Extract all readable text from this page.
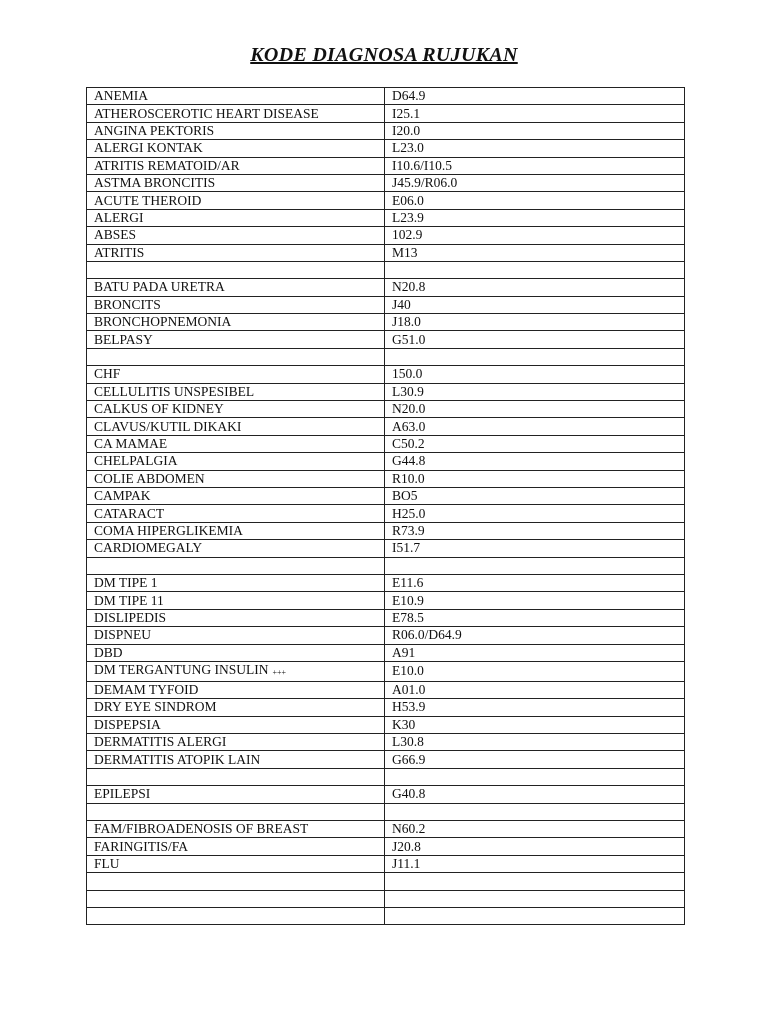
KODE DIAGNOSA RUJUKAN
ANEMIA	D64.9
ATHEROSCEROTIC HEART DISEASE	I25.1
ANGINA PEKTORIS	I20.0
ALERGI KONTAK	L23.0
ATRITIS REMATOID/AR	I10.6/I10.5
ASTMA BRONCITIS	J45.9/R06.0
ACUTE THEROID	E06.0
ALERGI	L23.9
ABSES	102.9
ATRITIS	M13

BATU PADA URETRA	N20.8
BRONCITS	J40
BRONCHOPNEMONIA	J18.0
BELPASY	G51.0

CHF	150.0
CELLULITIS UNSPESIBEL	L30.9
CALKUS OF KIDNEY	N20.0
CLAVUS/KUTIL DIKAKI	A63.0
CA MAMAE	C50.2
CHELPALGIA	G44.8
COLIE ABDOMEN	R10.0
CAMPAK	BO5
CATARACT	H25.0
COMA HIPERGLIKEMIA	R73.9
CARDIOMEGALY	I51.7

DM TIPE 1	E11.6
DM TIPE 11	E10.9
DISLIPEDIS	E78.5
DISPNEU	R06.0/D64.9
DBD	A91
DM TERGANTUNG INSULIN +++	E10.0
DEMAM TYFOID	A01.0
DRY EYE SINDROM	H53.9
DISPEPSIA	K30
DERMATITIS ALERGI	L30.8
DERMATITIS ATOPIK LAIN	G66.9

EPILEPSI	G40.8

FAM/FIBROADENOSIS OF BREAST	N60.2
FARINGITIS/FA	J20.8
FLU	J11.1
